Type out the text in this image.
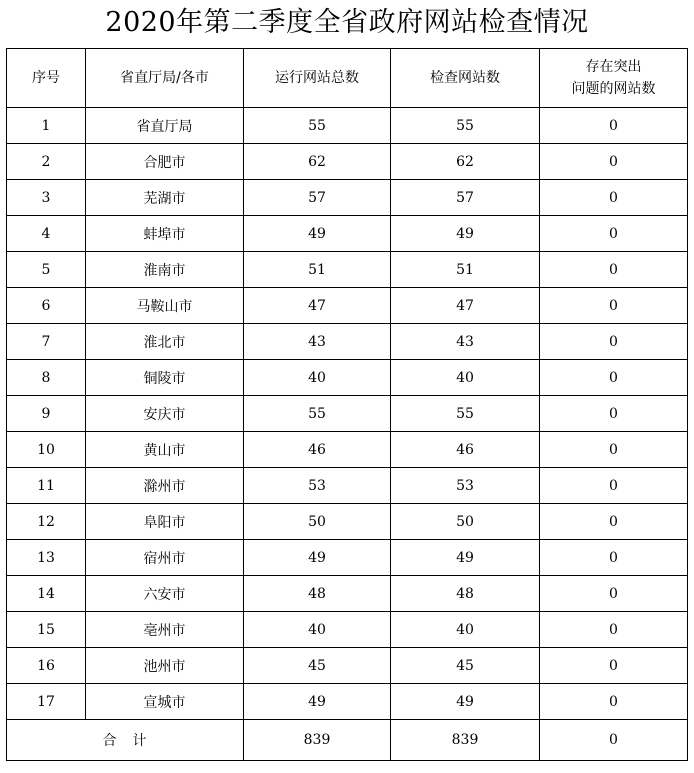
2020年第二季度全省政府网站检查情况
序号	省直厅局/各市	运行网站总数	检查网站数	存在突出
问题的网站数

1	省直厅局	55	55	0
2	合肥市	62	62	0
3	芜湖市	57	57	0
4	蚌埠市	49	49	0
5	淮南市	51	51	0
6	马鞍山市	47	47	0
7	淮北市	43	43	0
8	铜陵市	40	40	0
9	安庆市	55	55	0
10	黄山市	46	46	0
11	滁州市	53	53	0
12	阜阳市	50	50	0
13	宿州市	49	49	0
14	六安市	48	48	0
15	亳州市	40	40	0
16	池州市	45	45	0
17	宣城市	49	49	0
合　计		839	839	0
